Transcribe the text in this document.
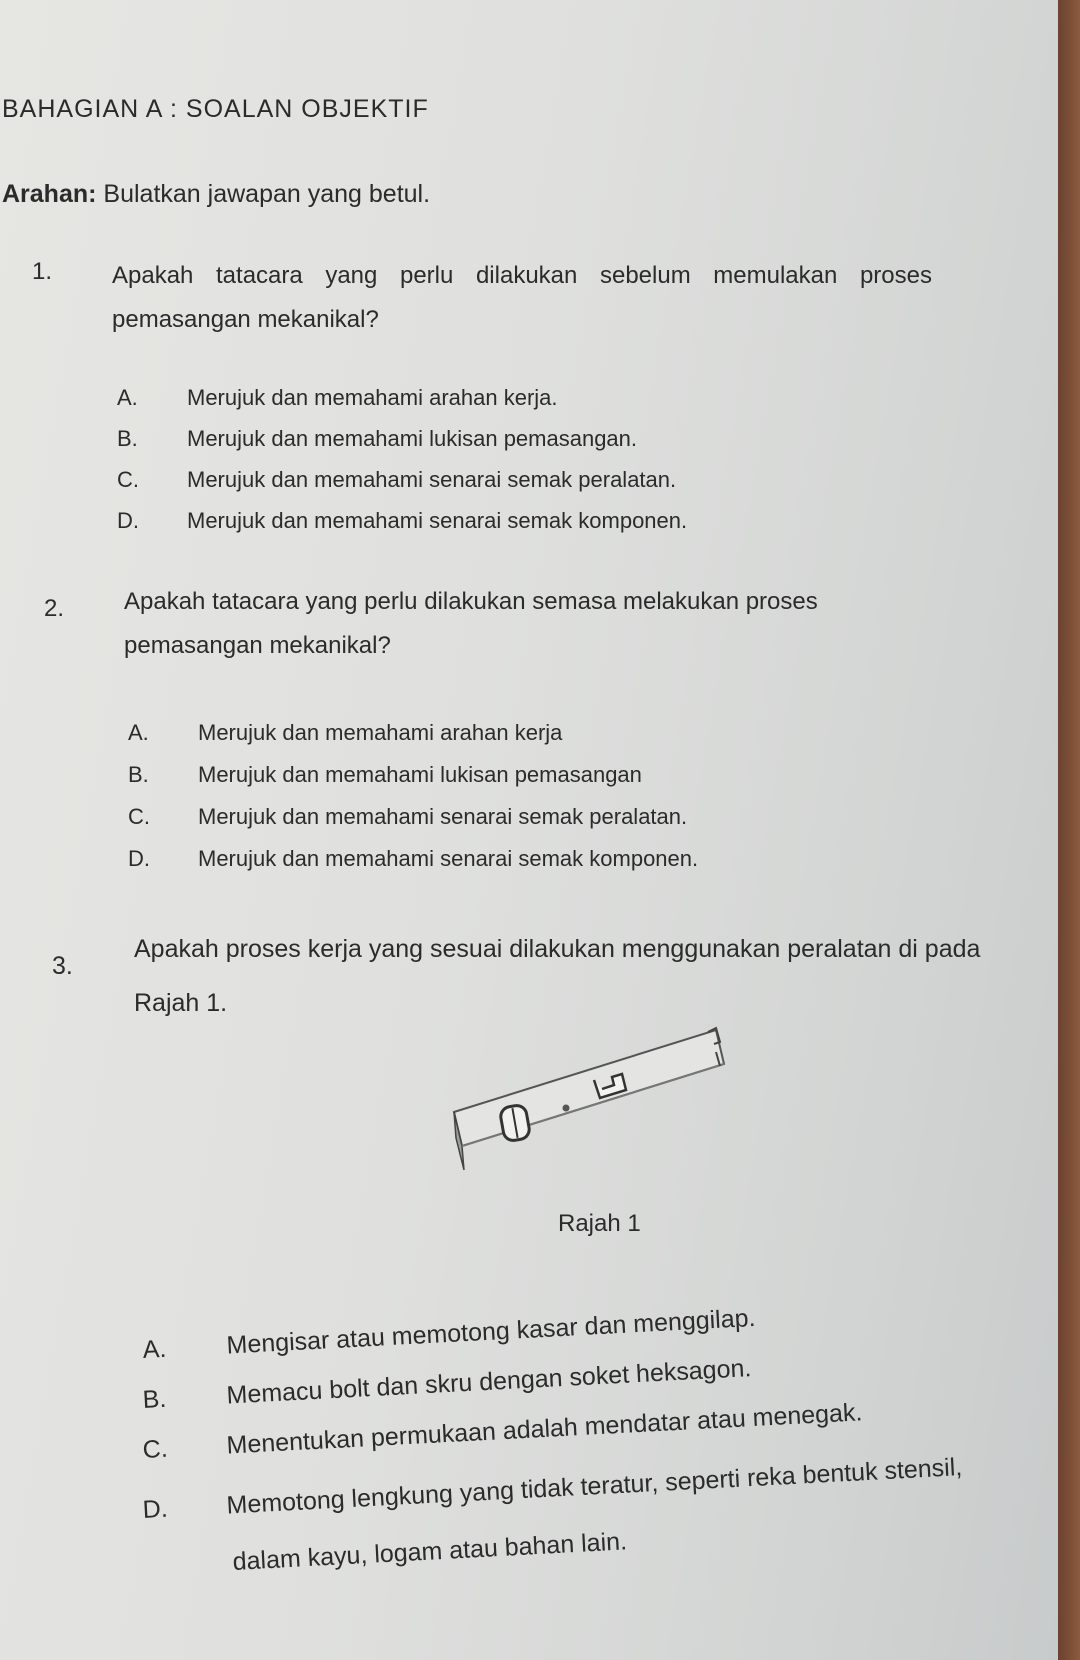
BAHAGIAN A : SOALAN OBJEKTIF
Arahan: Bulatkan jawapan yang betul.
1. Apakah tatacara yang perlu dilakukan sebelum memulakan proses pemasangan mekanikal?
A. Merujuk dan memahami arahan kerja.
B. Merujuk dan memahami lukisan pemasangan.
C. Merujuk dan memahami senarai semak peralatan.
D. Merujuk dan memahami senarai semak komponen.
2. Apakah tatacara yang perlu dilakukan semasa melakukan proses pemasangan mekanikal?
A. Merujuk dan memahami arahan kerja
B. Merujuk dan memahami lukisan pemasangan
C. Merujuk dan memahami senarai semak peralatan.
D. Merujuk dan memahami senarai semak komponen.
3.
Apakah proses kerja yang sesuai dilakukan menggunakan peralatan di pada Rajah 1.
Rajah 1
A. Mengisar atau memotong kasar dan menggilap.
B. Memacu bolt dan skru dengan soket heksagon.
C. Menentukan permukaan adalah mendatar atau menegak.
D. Memotong lengkung yang tidak teratur, seperti reka bentuk stensil,
dalam kayu, logam atau bahan lain.
